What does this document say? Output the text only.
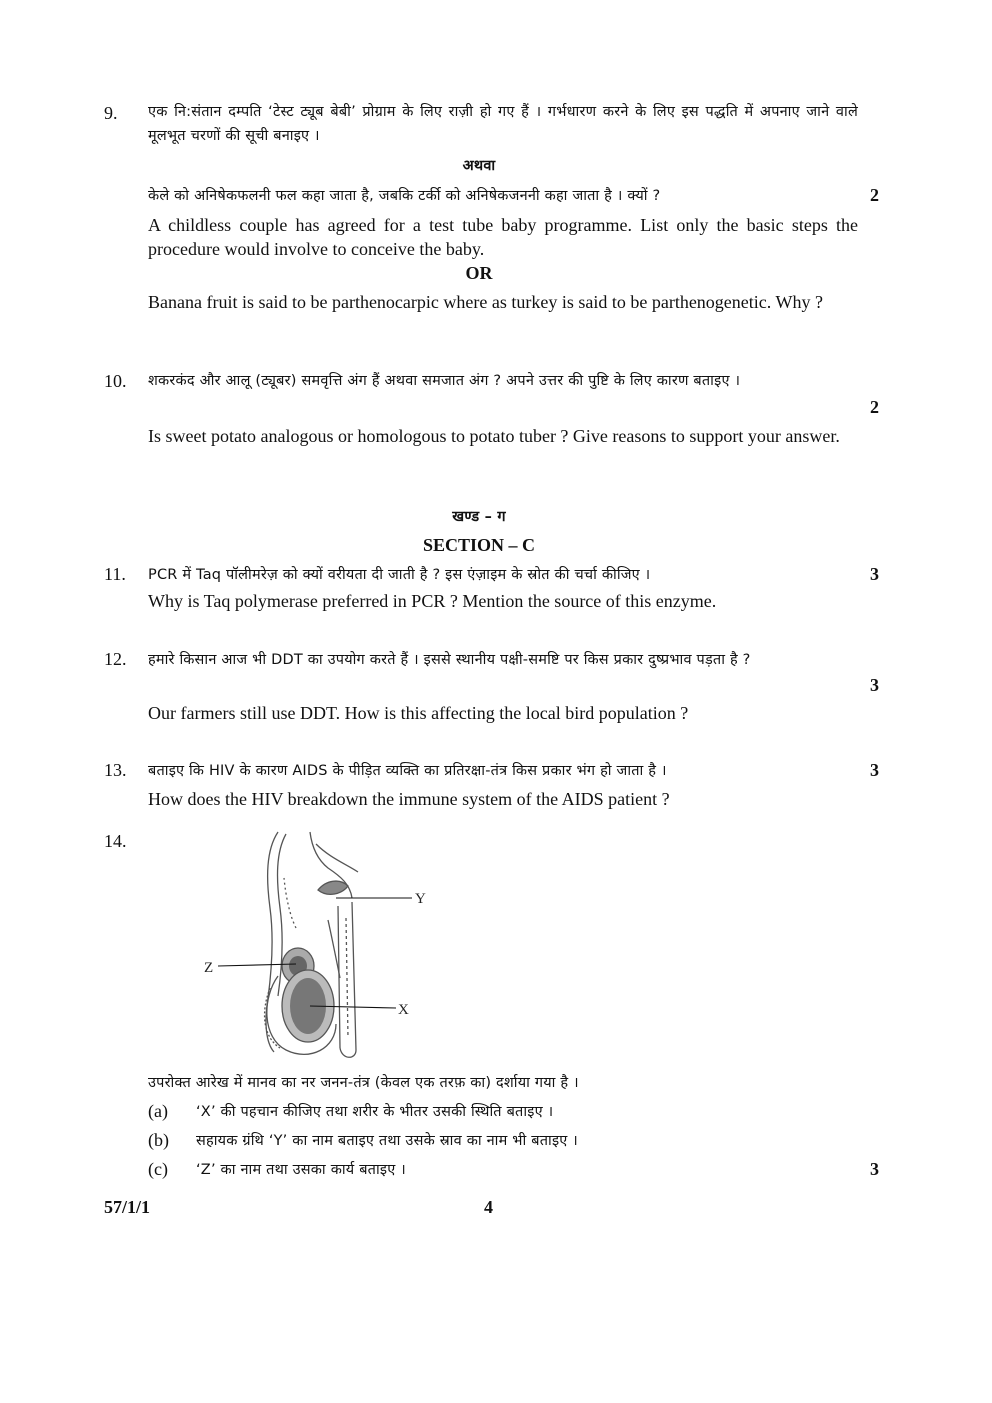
9. एक नि:संतान दम्पति ‘टेस्ट ट्यूब बेबी’ प्रोग्राम के लिए राज़ी हो गए हैं । गर्भधारण करने के लिए इस पद्धति में अपनाए जाने वाले मूलभूत चरणों की सूची बनाइए ।
अथवा
केले को अनिषेकफलनी फल कहा जाता है, जबकि टर्की को अनिषेकजननी कहा जाता है । क्यों ?	2
A childless couple has agreed for a test tube baby programme. List only the basic steps the procedure would involve to conceive the baby.
OR
Banana fruit is said to be parthenocarpic where as turkey is said to be parthenogenetic. Why ?
10. शकरकंद और आलू (ट्यूबर) समवृत्ति अंग हैं अथवा समजात अंग ? अपने उत्तर की पुष्टि के लिए कारण बताइए ।
2
Is sweet potato analogous or homologous to potato tuber ? Give reasons to support your answer.
खण्ड – ग
SECTION – C
11. PCR में Taq पॉलीमरेज़ को क्यों वरीयता दी जाती है ? इस एंज़ाइम के स्रोत की चर्चा कीजिए ।	3
Why is Taq polymerase preferred in PCR ? Mention the source of this enzyme.
12. हमारे किसान आज भी DDT का उपयोग करते हैं । इससे स्थानीय पक्षी-समष्टि पर किस प्रकार दुष्प्रभाव पड़ता है ?
3
Our farmers still use DDT. How is this affecting the local bird population ?
13. बताइए कि HIV के कारण AIDS के पीड़ित व्यक्ति का प्रतिरक्षा-तंत्र किस प्रकार भंग हो जाता है ।	3
How does the HIV breakdown the immune system of the AIDS patient ?
14.
Y
Z
X
उपरोक्त आरेख में मानव का नर जनन-तंत्र (केवल एक तरफ़ का) दर्शाया गया है ।
(a) ‘X’ की पहचान कीजिए तथा शरीर के भीतर उसकी स्थिति बताइए ।
(b) सहायक ग्रंथि ‘Y’ का नाम बताइए तथा उसके स्राव का नाम भी बताइए ।
(c) ‘Z’ का नाम तथा उसका कार्य बताइए ।	3
57/1/1	4
